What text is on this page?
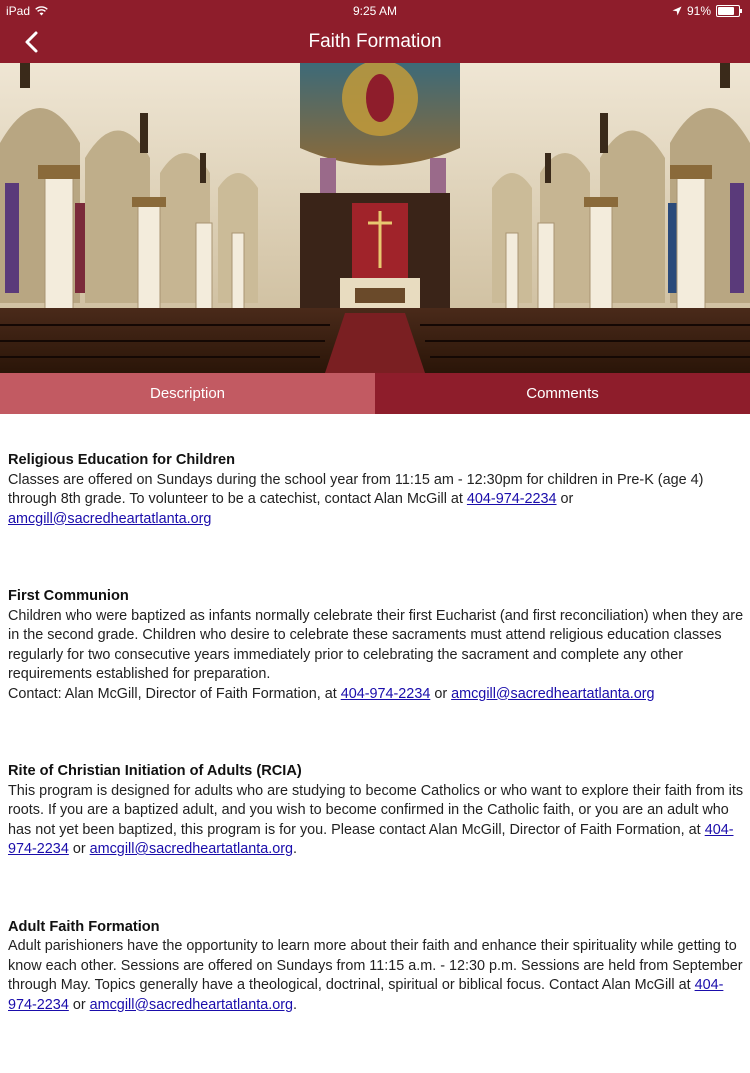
iPad	9:25 AM	91%
Faith Formation
Description	Comments
Religious Education for Children

Classes are offered on Sundays during the school year from 11:15 am - 12:30pm for children in Pre-K (age 4) through 8th grade. To volunteer to be a catechist, contact Alan McGill at 404-974-2234 or amcgill@sacredheartatlanta.org

First Communion

Children who were baptized as infants normally celebrate their first Eucharist (and first reconciliation) when they are in the second grade. Children who desire to celebrate these sacraments must attend religious education classes regularly for two consecutive years immediately prior to celebrating the sacrament and complete any other requirements established for preparation.
Contact: Alan McGill, Director of Faith Formation, at 404-974-2234 or amcgill@sacredheartatlanta.org

Rite of Christian Initiation of Adults (RCIA)

This program is designed for adults who are studying to become Catholics or who want to explore their faith from its roots. If you are a baptized adult, and you wish to become confirmed in the Catholic faith, or you are an adult who has not yet been baptized, this program is for you. Please contact Alan McGill, Director of Faith Formation, at 404-974-2234 or amcgill@sacredheartatlanta.org.

Adult Faith Formation

Adult parishioners have the opportunity to learn more about their faith and enhance their spirituality while getting to know each other. Sessions are offered on Sundays from 11:15 a.m. - 12:30 p.m. Sessions are held from September through May. Topics generally have a theological, doctrinal, spiritual or biblical focus. Contact Alan McGill at 404-974-2234 or amcgill@sacredheartatlanta.org.
